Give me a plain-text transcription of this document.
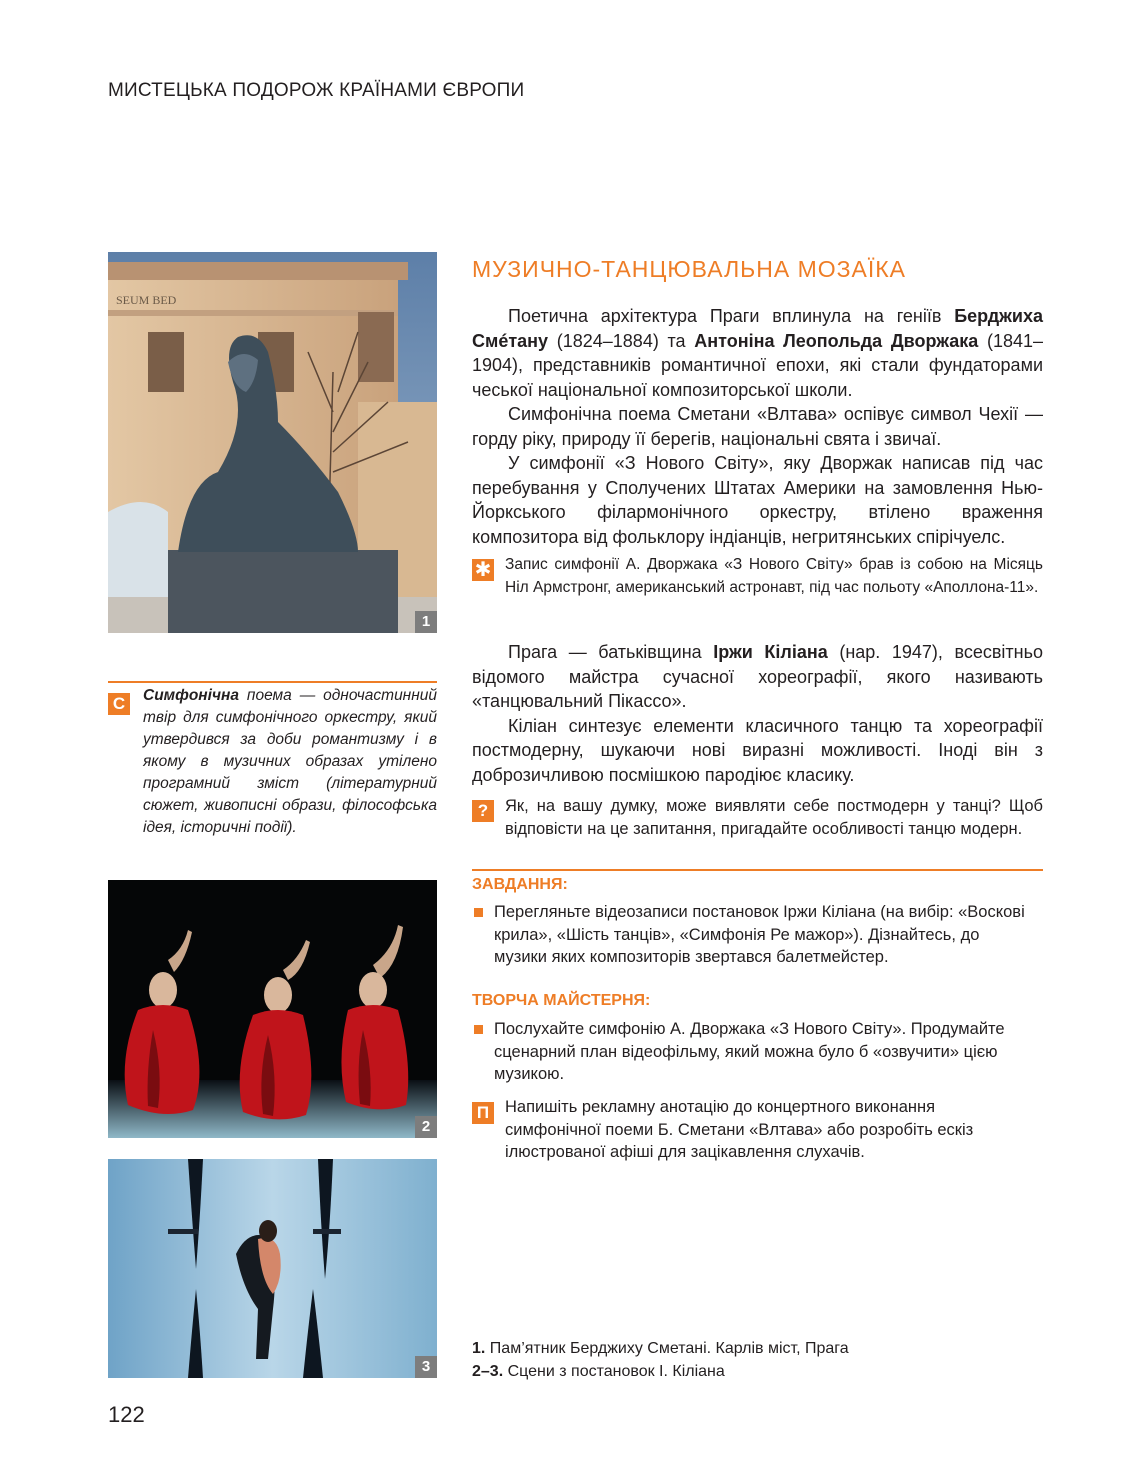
МИСТЕЦЬКА ПОДОРОЖ КРАЇНАМИ ЄВРОПИ
SEUM BED
1
2
3
МУЗИЧНО-ТАНЦЮВАЛЬНА МОЗАЇКА

Поетична архітектура Праги вплинула на геніїв Берджиха Смéтану (1824–1884) та Антоніна Леопольда Дворжака (1841–1904), представників романтичної епохи, які стали фундаторами чеської національної композиторської школи.

Симфонічна поема Сметани «Влтава» оспівує символ Чехії — горду ріку, природу її берегів, національні свята і звичаї.

У симфонії «З Нового Світу», яку Дворжак написав під час перебування у Сполучених Штатах Америки на замовлення Нью-Йоркського філармонічного оркестру, втілено враження композитора від фольклору індіанців, негритянських спірічуелс.

✱ Запис симфонії А. Дворжака «З Нового Світу» брав із собою на Місяць Ніл Армстронг, американський астронавт, під час польоту «Аполлона-11».

Прага — батьківщина Іржи Кіліана (нар. 1947), всесвітньо відомого майстра сучасної хореографії, якого називають «танцювальний Пікассо».

Кіліан синтезує елементи класичного танцю та хореографії постмодерну, шукаючи нові виразні можливості. Іноді він з доброзичливою посмішкою пародіює класику.

?	Як, на вашу думку, може виявляти себе постмодерн у танці? Щоб відповісти на це запитання, пригадайте особливості танцю модерн.
С	Симфонічна поема — одночастинний твір для симфонічного оркестру, який утвердився за доби романтизму і в якому в музичних образах утілено програмний зміст (літературний сюжет, живописні образи, філософська ідея, історичні події).
ЗАВДАННЯ:
Перегляньте відеозаписи постановок Іржи Кіліана (на вибір: «Воскові крила», «Шість танців», «Симфонія Ре мажор»). Дізнайтесь, до музики яких композиторів звертався балетмейстер.
ТВОРЧА МАЙСТЕРНЯ:
Послухайте симфонію А. Дворжака «З Нового Світу». Продумайте сценарний план відеофільму, який можна було б «озвучити» цією музикою.
П Напишіть рекламну анотацію до концертного виконання симфонічної поеми Б. Сметани «Влтава» або розробіть ескіз ілюстрованої афіші для зацікавлення слухачів.
1. Пам’ятник Берджиху Сметані. Карлів міст, Прага
2–3. Сцени з постановок І. Кіліана
122
